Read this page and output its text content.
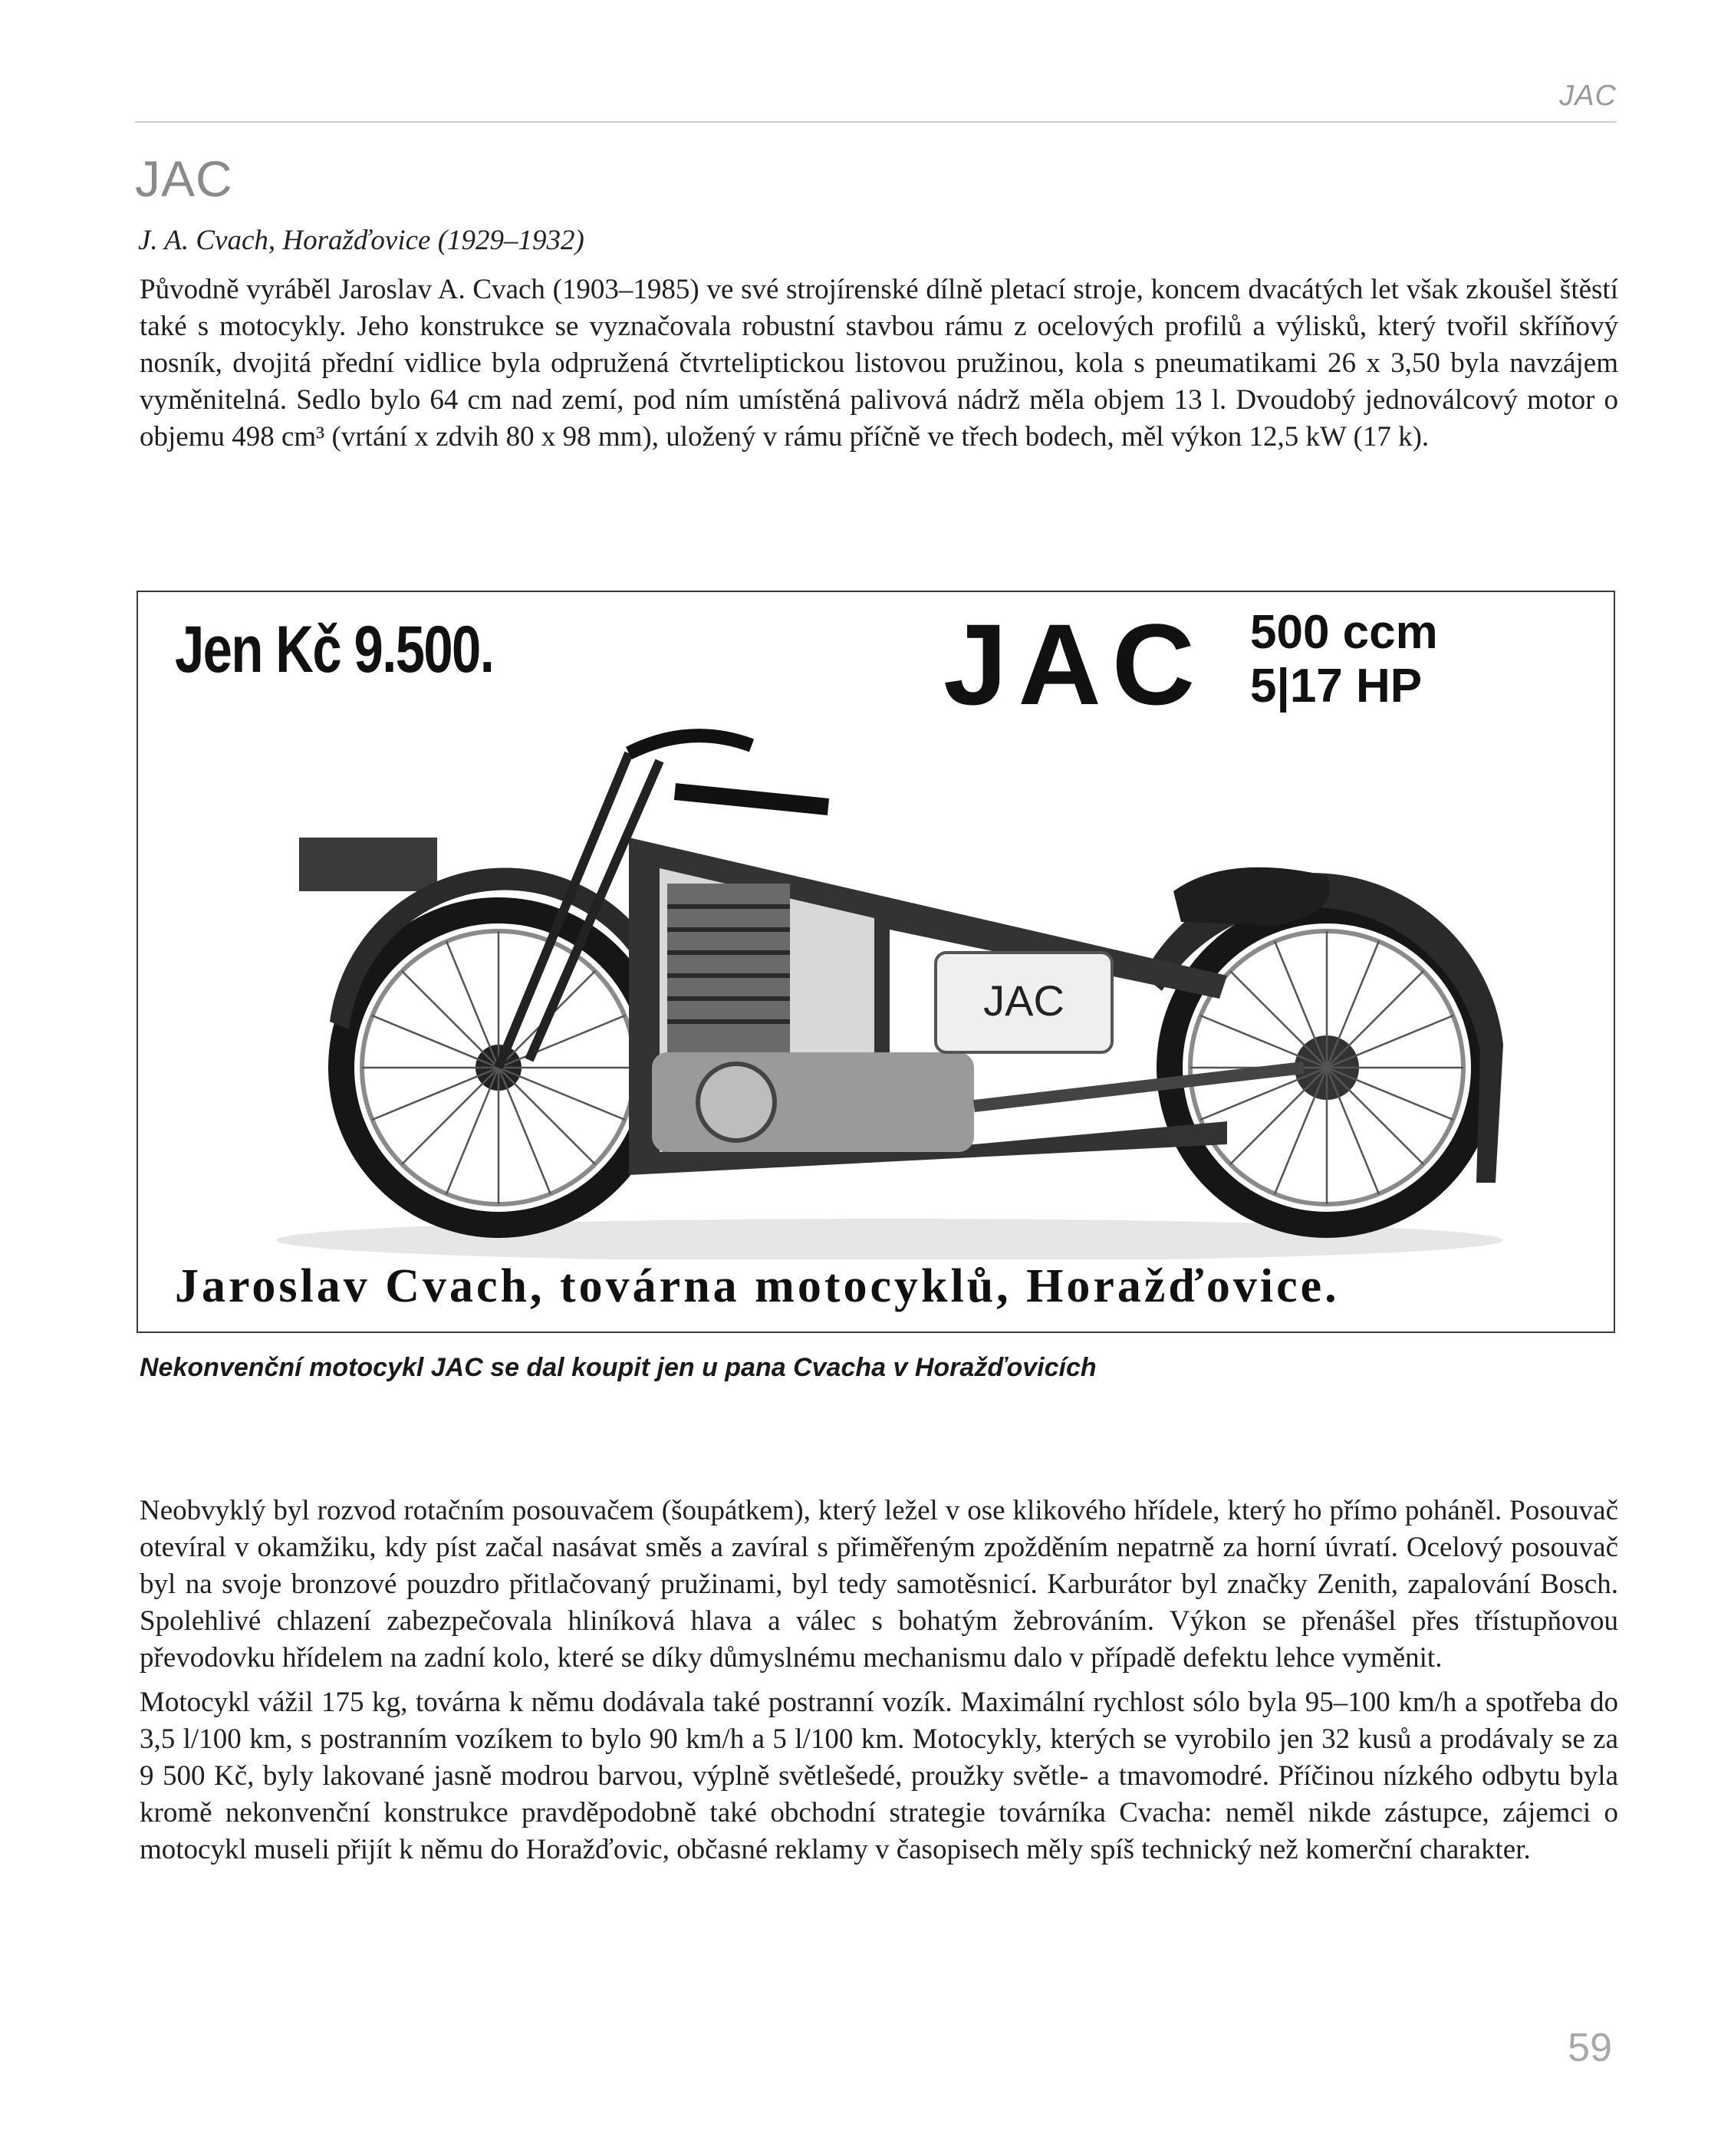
JAC
JAC
J. A. Cvach, Horažďovice (1929–1932)

Původně vyráběl Jaroslav A. Cvach (1903–1985) ve své strojírenské dílně pletací stroje, koncem dvacátých let však zkoušel štěstí také s motocykly. Jeho konstrukce se vyznačovala robustní stavbou rámu z ocelových profilů a výlisků, který tvořil skříňový nosník, dvojitá přední vidlice byla odpružená čtvrteliptickou listovou pružinou, kola s pneumatikami 26 x 3,50 byla navzájem vyměnitelná. Sedlo bylo 64 cm nad zemí, pod ním umístěná palivová nádrž měla objem 13 l. Dvoudobý jednoválcový motor o objemu 498 cm³ (vrtání x zdvih 80 x 98 mm), uložený v rámu příčně ve třech bodech, měl výkon 12,5 kW (17 k).

Jen Kč 9.500.	JAC 500 ccm
5|17 HP
JAC
Jaroslav Cvach, továrna motocyklů, Horažďovice.
Nekonvenční motocykl JAC se dal koupit jen u pana Cvacha v Horažďovicích

Neobvyklý byl rozvod rotačním posouvačem (šoupátkem), který ležel v ose klikového hřídele, který ho přímo poháněl. Posouvač otevíral v okamžiku, kdy píst začal nasávat směs a zavíral s přiměřeným zpožděním nepatrně za horní úvratí. Ocelový posouvač byl na svoje bronzové pouzdro přitlačovaný pružinami, byl tedy samotěsnicí. Karburátor byl značky Zenith, zapalování Bosch. Spolehlivé chlazení zabezpečovala hliníková hlava a válec s bohatým žebrováním. Výkon se přenášel přes třístupňovou převodovku hřídelem na zadní kolo, které se díky důmyslnému mechanismu dalo v případě defektu lehce vyměnit.

Motocykl vážil 175 kg, továrna k němu dodávala také postranní vozík. Maximální rychlost sólo byla 95–100 km/h a spotřeba do 3,5 l/100 km, s postranním vozíkem to bylo 90 km/h a 5 l/100 km. Motocykly, kterých se vyrobilo jen 32 kusů a prodávaly se za 9 500 Kč, byly lakované jasně modrou barvou, výplně světlešedé, proužky světle- a tmavomodré. Příčinou nízkého odbytu byla kromě nekonvenční konstrukce pravděpodobně také obchodní strategie továrníka Cvacha: neměl nikde zástupce, zájemci o motocykl museli přijít k němu do Horažďovic, občasné reklamy v časopisech měly spíš technický než komerční charakter.

59
